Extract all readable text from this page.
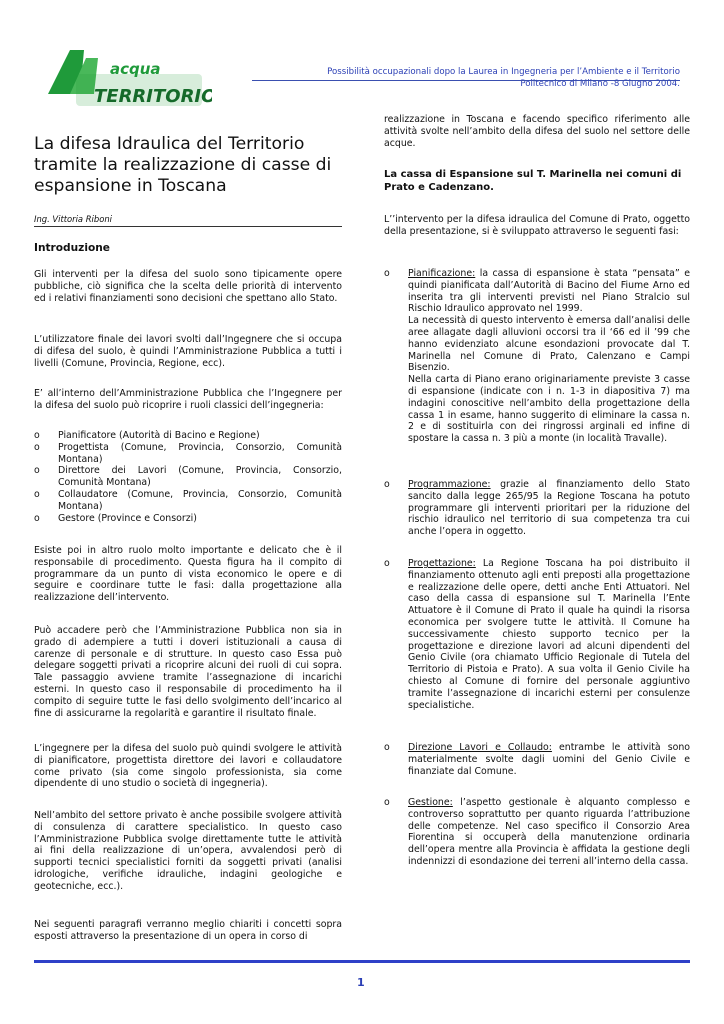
acqua
TERRITORIO
Possibilità occupazionali dopo la Laurea in Ingegneria per l’Ambiente e il Territorio
Politecnico di Milano -8 Giugno 2004.
La difesa Idraulica del Territorio tramite la realizzazione di casse di espansione in Toscana
Ing. Vittoria Riboni
Introduzione

Gli interventi per la difesa del suolo sono tipicamente opere pubbliche, ciò significa che la scelta delle priorità di intervento ed i relativi finanziamenti sono decisioni che spettano allo Stato.

L’utilizzatore finale dei lavori svolti dall’Ingegnere che si occupa di difesa del suolo, è quindi l’Amministrazione Pubblica a tutti i livelli (Comune, Provincia, Regione, ecc).

E’ all’interno dell’Amministrazione Pubblica che l’Ingegnere per la difesa del suolo può ricoprire i ruoli classici dell’ingegneria:

o Pianificatore (Autorità di Bacino e Regione)
o Progettista (Comune, Provincia, Consorzio, Comunità Montana)
o Direttore dei Lavori (Comune, Provincia, Consorzio, Comunità Montana)
o Collaudatore (Comune, Provincia, Consorzio, Comunità Montana)
o Gestore (Province e Consorzi)

Esiste poi in altro ruolo molto importante e delicato che è il responsabile di procedimento. Questa figura ha il compito di programmare da un punto di vista economico le opere e di seguire e coordinare tutte le fasi: dalla progettazione alla realizzazione dell’intervento.

Può accadere però che l’Amministrazione Pubblica non sia in grado di adempiere a tutti i doveri istituzionali a causa di carenze di personale e di strutture. In questo caso Essa può delegare soggetti privati a ricoprire alcuni dei ruoli di cui sopra. Tale passaggio avviene tramite l’assegnazione di incarichi esterni. In questo caso il responsabile di procedimento ha il compito di seguire tutte le fasi dello svolgimento dell’incarico al fine di assicurarne la regolarità e garantire il risultato finale.

L’ingegnere per la difesa del suolo può quindi svolgere le attività di pianificatore, progettista direttore dei lavori e collaudatore come privato (sia come singolo professionista, sia come dipendente di uno studio o società di ingegneria).

Nell’ambito del settore privato è anche possibile svolgere attività di consulenza di carattere specialistico. In questo caso l’Amministrazione Pubblica svolge direttamente tutte le attività ai fini della realizzazione di un’opera, avvalendosi però di supporti tecnici specialistici forniti da soggetti privati (analisi idrologiche, verifiche idrauliche, indagini geologiche e geotecniche, ecc.).

Nei seguenti paragrafi verranno meglio chiariti i concetti sopra esposti attraverso la presentazione di un opera in corso di

realizzazione in Toscana e facendo specifico riferimento alle attività svolte nell’ambito della difesa del suolo nel settore delle acque.

La cassa di Espansione sul T. Marinella nei comuni di Prato e Cadenzano.

L’’intervento per la difesa idraulica del Comune di Prato, oggetto della presentazione, si è sviluppato attraverso le seguenti fasi:

o Pianificazione: la cassa di espansione è stata “pensata” e quindi pianificata dall’Autorità di Bacino del Fiume Arno ed inserita tra gli interventi previsti nel Piano Stralcio sul Rischio Idraulico approvato nel 1999.

La necessità di questo intervento è emersa dall’analisi delle aree allagate dagli alluvioni occorsi tra il ‘66 ed il ’99 che hanno evidenziato alcune esondazioni provocate dal T. Marinella nel Comune di Prato, Calenzano e Campi Bisenzio.

Nella carta di Piano erano originariamente previste 3 casse di espansione (indicate con i n. 1-3 in diapositiva 7) ma indagini conoscitive nell’ambito della progettazione della cassa 1 in esame, hanno suggerito di eliminare la cassa n. 2 e di sostituirla con dei ringrossi arginali ed infine di spostare la cassa n. 3 più a monte (in località Travalle).

o Programmazione: grazie al finanziamento dello Stato sancito dalla legge 265/95 la Regione Toscana ha potuto programmare gli interventi prioritari per la riduzione del rischio idraulico nel territorio di sua competenza tra cui anche l’opera in oggetto.
o Progettazione: La Regione Toscana ha poi distribuito il finanziamento ottenuto agli enti preposti alla progettazione e realizzazione delle opere, detti anche Enti Attuatori. Nel caso della cassa di espansione sul T. Marinella l’Ente Attuatore è il Comune di Prato il quale ha quindi la risorsa economica per svolgere tutte le attività. Il Comune ha successivamente chiesto supporto tecnico per la progettazione e direzione lavori ad alcuni dipendenti del Genio Civile (ora chiamato Ufficio Regionale di Tutela del Territorio di Pistoia e Prato). A sua volta il Genio Civile ha chiesto al Comune di fornire del personale aggiuntivo tramite l’assegnazione di incarichi esterni per consulenze specialistiche.
o Direzione Lavori e Collaudo: entrambe le attività sono materialmente svolte dagli uomini del Genio Civile e finanziate dal Comune.
o Gestione: l’aspetto gestionale è alquanto complesso e controverso soprattutto per quanto riguarda l’attribuzione delle competenze. Nel caso specifico il Consorzio Area Fiorentina si occuperà della manutenzione ordinaria dell’opera mentre alla Provincia è affidata la gestione degli indennizzi di esondazione dei terreni all’interno della cassa.
1
